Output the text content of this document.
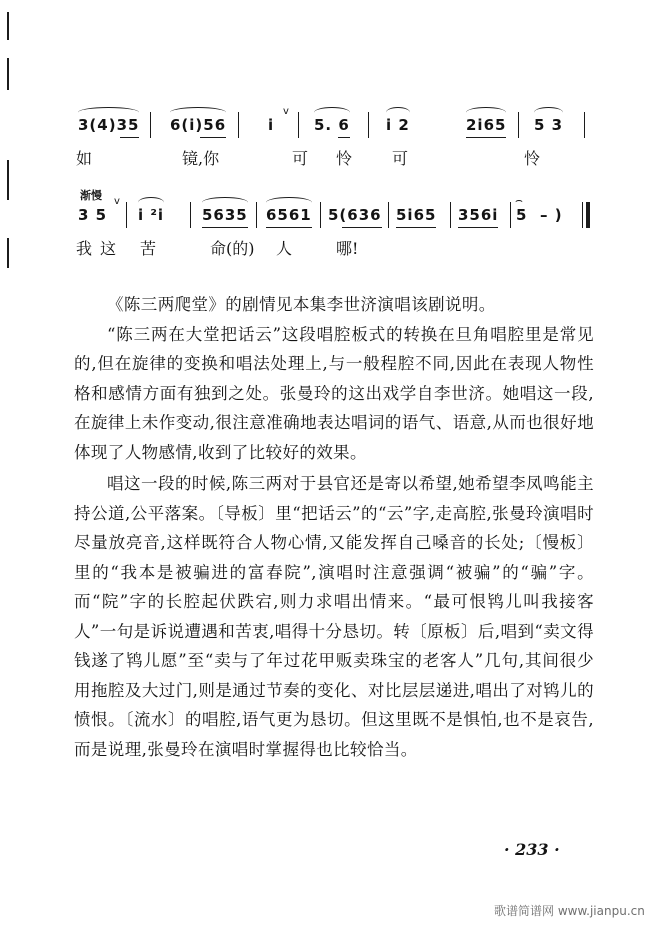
3(4)35 6(i)56	i
v
5. 6 i 2	2i65 5 3
如	镜,你	可 怜 可	怜
渐慢
3 5
v
i ²i	5635 6561 5(636 5i65 356i 5
⌢
– )
我 这 苦	命(的) 人	哪!

《陈三两爬堂》的剧情见本集李世济演唱该剧说明。

“陈三两在大堂把话云”这段唱腔板式的转换在旦角唱腔里是常见的,但在旋律的变换和唱法处理上,与一般程腔不同,因此在表现人物性格和感情方面有独到之处。张曼玲的这出戏学自李世济。她唱这一段,在旋律上未作变动,很注意准确地表达唱词的语气、语意,从而也很好地体现了人物感情,收到了比较好的效果。

唱这一段的时候,陈三两对于县官还是寄以希望,她希望李凤鸣能主持公道,公平落案。〔导板〕里“把话云”的“云”字,走高腔,张曼玲演唱时尽量放亮音,这样既符合人物心情,又能发挥自己嗓音的长处;〔慢板〕里的“我本是被骗进的富春院”,演唱时注意强调“被骗”的“骗”字。而“院”字的长腔起伏跌宕,则力求唱出情来。“最可恨鸨儿叫我接客人”一句是诉说遭遇和苦衷,唱得十分恳切。转〔原板〕后,唱到“卖文得钱遂了鸨儿愿”至“卖与了年过花甲贩卖珠宝的老客人”几句,其间很少用拖腔及大过门,则是通过节奏的变化、对比层层递进,唱出了对鸨儿的愤恨。〔流水〕的唱腔,语气更为恳切。但这里既不是惧怕,也不是哀告,而是说理,张曼玲在演唱时掌握得也比较恰当。

· 233 ·
歌谱简谱网 www.jianpu.cn
